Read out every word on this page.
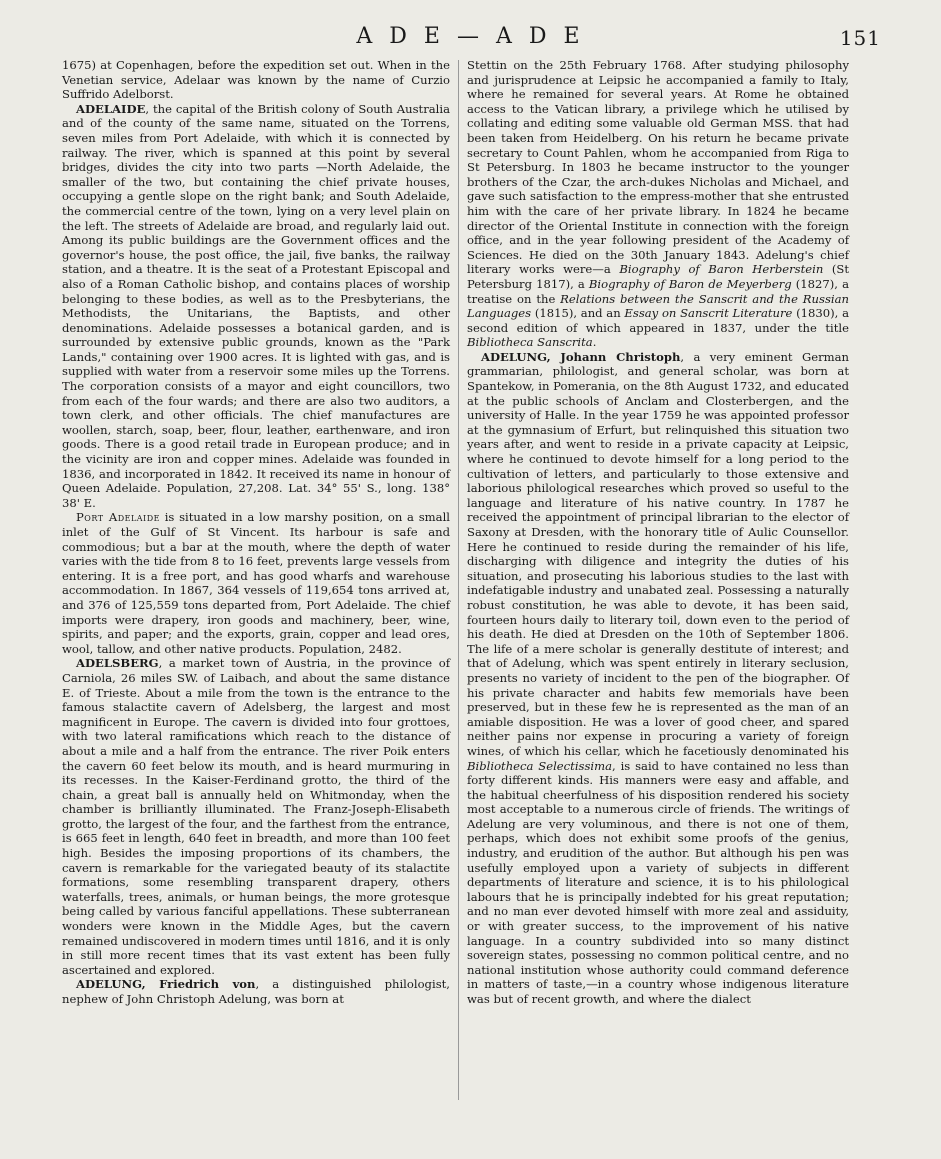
A D E — A D E	151

1675) at Copenhagen, before the expedition set out. When in the Venetian service, Adelaar was known by the name of Curzio Suffrido Adelborst.

ADELAIDE, the capital of the British colony of South Australia and of the county of the same name, situated on the Torrens, seven miles from Port Adelaide, with which it is connected by railway. The river, which is spanned at this point by several bridges, divides the city into two parts —North Adelaide, the smaller of the two, but containing the chief private houses, occupying a gentle slope on the right bank; and South Adelaide, the commercial centre of the town, lying on a very level plain on the left. The streets of Adelaide are broad, and regularly laid out. Among its public buildings are the Government offices and the governor's house, the post office, the jail, five banks, the railway station, and a theatre. It is the seat of a Protestant Episcopal and also of a Roman Catholic bishop, and contains places of worship belonging to these bodies, as well as to the Presbyterians, the Methodists, the Unitarians, the Baptists, and other denominations. Adelaide possesses a botanical garden, and is surrounded by extensive public grounds, known as the "Park Lands," containing over 1900 acres. It is lighted with gas, and is supplied with water from a reservoir some miles up the Torrens. The corporation consists of a mayor and eight councillors, two from each of the four wards; and there are also two auditors, a town clerk, and other officials. The chief manufactures are woollen, starch, soap, beer, flour, leather, earthenware, and iron goods. There is a good retail trade in European produce; and in the vicinity are iron and copper mines. Adelaide was founded in 1836, and incorporated in 1842. It received its name in honour of Queen Adelaide. Population, 27,208. Lat. 34° 55' S., long. 138° 38' E.

Port Adelaide is situated in a low marshy position, on a small inlet of the Gulf of St Vincent. Its harbour is safe and commodious; but a bar at the mouth, where the depth of water varies with the tide from 8 to 16 feet, prevents large vessels from entering. It is a free port, and has good wharfs and warehouse accommodation. In 1867, 364 vessels of 119,654 tons arrived at, and 376 of 125,559 tons departed from, Port Adelaide. The chief imports were drapery, iron goods and machinery, beer, wine, spirits, and paper; and the exports, grain, copper and lead ores, wool, tallow, and other native products. Population, 2482.

ADELSBERG, a market town of Austria, in the province of Carniola, 26 miles SW. of Laibach, and about the same distance E. of Trieste. About a mile from the town is the entrance to the famous stalactite cavern of Adelsberg, the largest and most magnificent in Europe. The cavern is divided into four grottoes, with two lateral ramifications which reach to the distance of about a mile and a half from the entrance. The river Poik enters the cavern 60 feet below its mouth, and is heard murmuring in its recesses. In the Kaiser-Ferdinand grotto, the third of the chain, a great ball is annually held on Whitmonday, when the chamber is brilliantly illuminated. The Franz-Joseph-Elisabeth grotto, the largest of the four, and the farthest from the entrance, is 665 feet in length, 640 feet in breadth, and more than 100 feet high. Besides the imposing proportions of its chambers, the cavern is remarkable for the variegated beauty of its stalactite formations, some resembling transparent drapery, others waterfalls, trees, animals, or human beings, the more grotesque being called by various fanciful appellations. These subterranean wonders were known in the Middle Ages, but the cavern remained undiscovered in modern times until 1816, and it is only in still more recent times that its vast extent has been fully ascertained and explored.

ADELUNG, Friedrich von, a distinguished philologist, nephew of John Christoph Adelung, was born at

Stettin on the 25th February 1768. After studying philosophy and jurisprudence at Leipsic he accompanied a family to Italy, where he remained for several years. At Rome he obtained access to the Vatican library, a privilege which he utilised by collating and editing some valuable old German MSS. that had been taken from Heidelberg. On his return he became private secretary to Count Pahlen, whom he accompanied from Riga to St Petersburg. In 1803 he became instructor to the younger brothers of the Czar, the arch-dukes Nicholas and Michael, and gave such satisfaction to the empress-mother that she entrusted him with the care of her private library. In 1824 he became director of the Oriental Institute in connection with the foreign office, and in the year following president of the Academy of Sciences. He died on the 30th January 1843. Adelung's chief literary works were—a Biography of Baron Herberstein (St Petersburg 1817), a Biography of Baron de Meyerberg (1827), a treatise on the Relations between the Sanscrit and the Russian Languages (1815), and an Essay on Sanscrit Literature (1830), a second edition of which appeared in 1837, under the title Bibliotheca Sanscrita.

ADELUNG, Johann Christoph, a very eminent German grammarian, philologist, and general scholar, was born at Spantekow, in Pomerania, on the 8th August 1732, and educated at the public schools of Anclam and Closterbergen, and the university of Halle. In the year 1759 he was appointed professor at the gymnasium of Erfurt, but relinquished this situation two years after, and went to reside in a private capacity at Leipsic, where he continued to devote himself for a long period to the cultivation of letters, and particularly to those extensive and laborious philological researches which proved so useful to the language and literature of his native country. In 1787 he received the appointment of principal librarian to the elector of Saxony at Dresden, with the honorary title of Aulic Counsellor. Here he continued to reside during the remainder of his life, discharging with diligence and integrity the duties of his situation, and prosecuting his laborious studies to the last with indefatigable industry and unabated zeal. Possessing a naturally robust constitution, he was able to devote, it has been said, fourteen hours daily to literary toil, down even to the period of his death. He died at Dresden on the 10th of September 1806. The life of a mere scholar is generally destitute of interest; and that of Adelung, which was spent entirely in literary seclusion, presents no variety of incident to the pen of the biographer. Of his private character and habits few memorials have been preserved, but in these few he is represented as the man of an amiable disposition. He was a lover of good cheer, and spared neither pains nor expense in procuring a variety of foreign wines, of which his cellar, which he facetiously denominated his Bibliotheca Selectissima, is said to have contained no less than forty different kinds. His manners were easy and affable, and the habitual cheerfulness of his disposition rendered his society most acceptable to a numerous circle of friends. The writings of Adelung are very voluminous, and there is not one of them, perhaps, which does not exhibit some proofs of the genius, industry, and erudition of the author. But although his pen was usefully employed upon a variety of subjects in different departments of literature and science, it is to his philological labours that he is principally indebted for his great reputation; and no man ever devoted himself with more zeal and assiduity, or with greater success, to the improvement of his native language. In a country subdivided into so many distinct sovereign states, possessing no common political centre, and no national institution whose authority could command deference in matters of taste,—in a country whose indigenous literature was but of recent growth, and where the dialect
